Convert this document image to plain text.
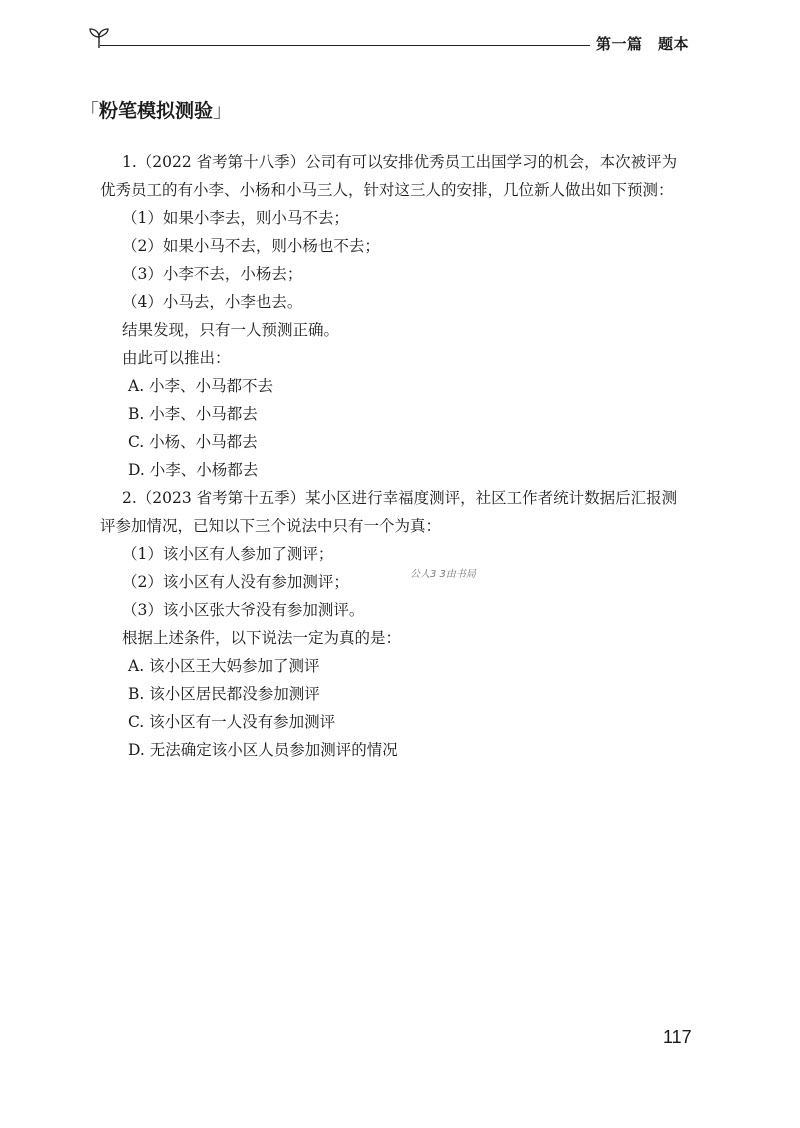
第一篇　题本
「粉笔模拟测验」
1.（2022 省考第十八季）公司有可以安排优秀员工出国学习的机会，本次被评为
优秀员工的有小李、小杨和小马三人，针对这三人的安排，几位新人做出如下预测：
（1）如果小李去，则小马不去；
（2）如果小马不去，则小杨也不去；
（3）小李不去，小杨去；
（4）小马去，小李也去。
结果发现，只有一人预测正确。
由此可以推出：
A. 小李、小马都不去
B. 小李、小马都去
C. 小杨、小马都去
D. 小李、小杨都去
2.（2023 省考第十五季）某小区进行幸福度测评，社区工作者统计数据后汇报测
评参加情况，已知以下三个说法中只有一个为真：
（1）该小区有人参加了测评；
（2）该小区有人没有参加测评；
（3）该小区张大爷没有参加测评。
根据上述条件，以下说法一定为真的是：
A. 该小区王大妈参加了测评
B. 该小区居民都没参加测评
C. 该小区有一人没有参加测评
D. 无法确定该小区人员参加测评的情况
公人3 3由书局
117
